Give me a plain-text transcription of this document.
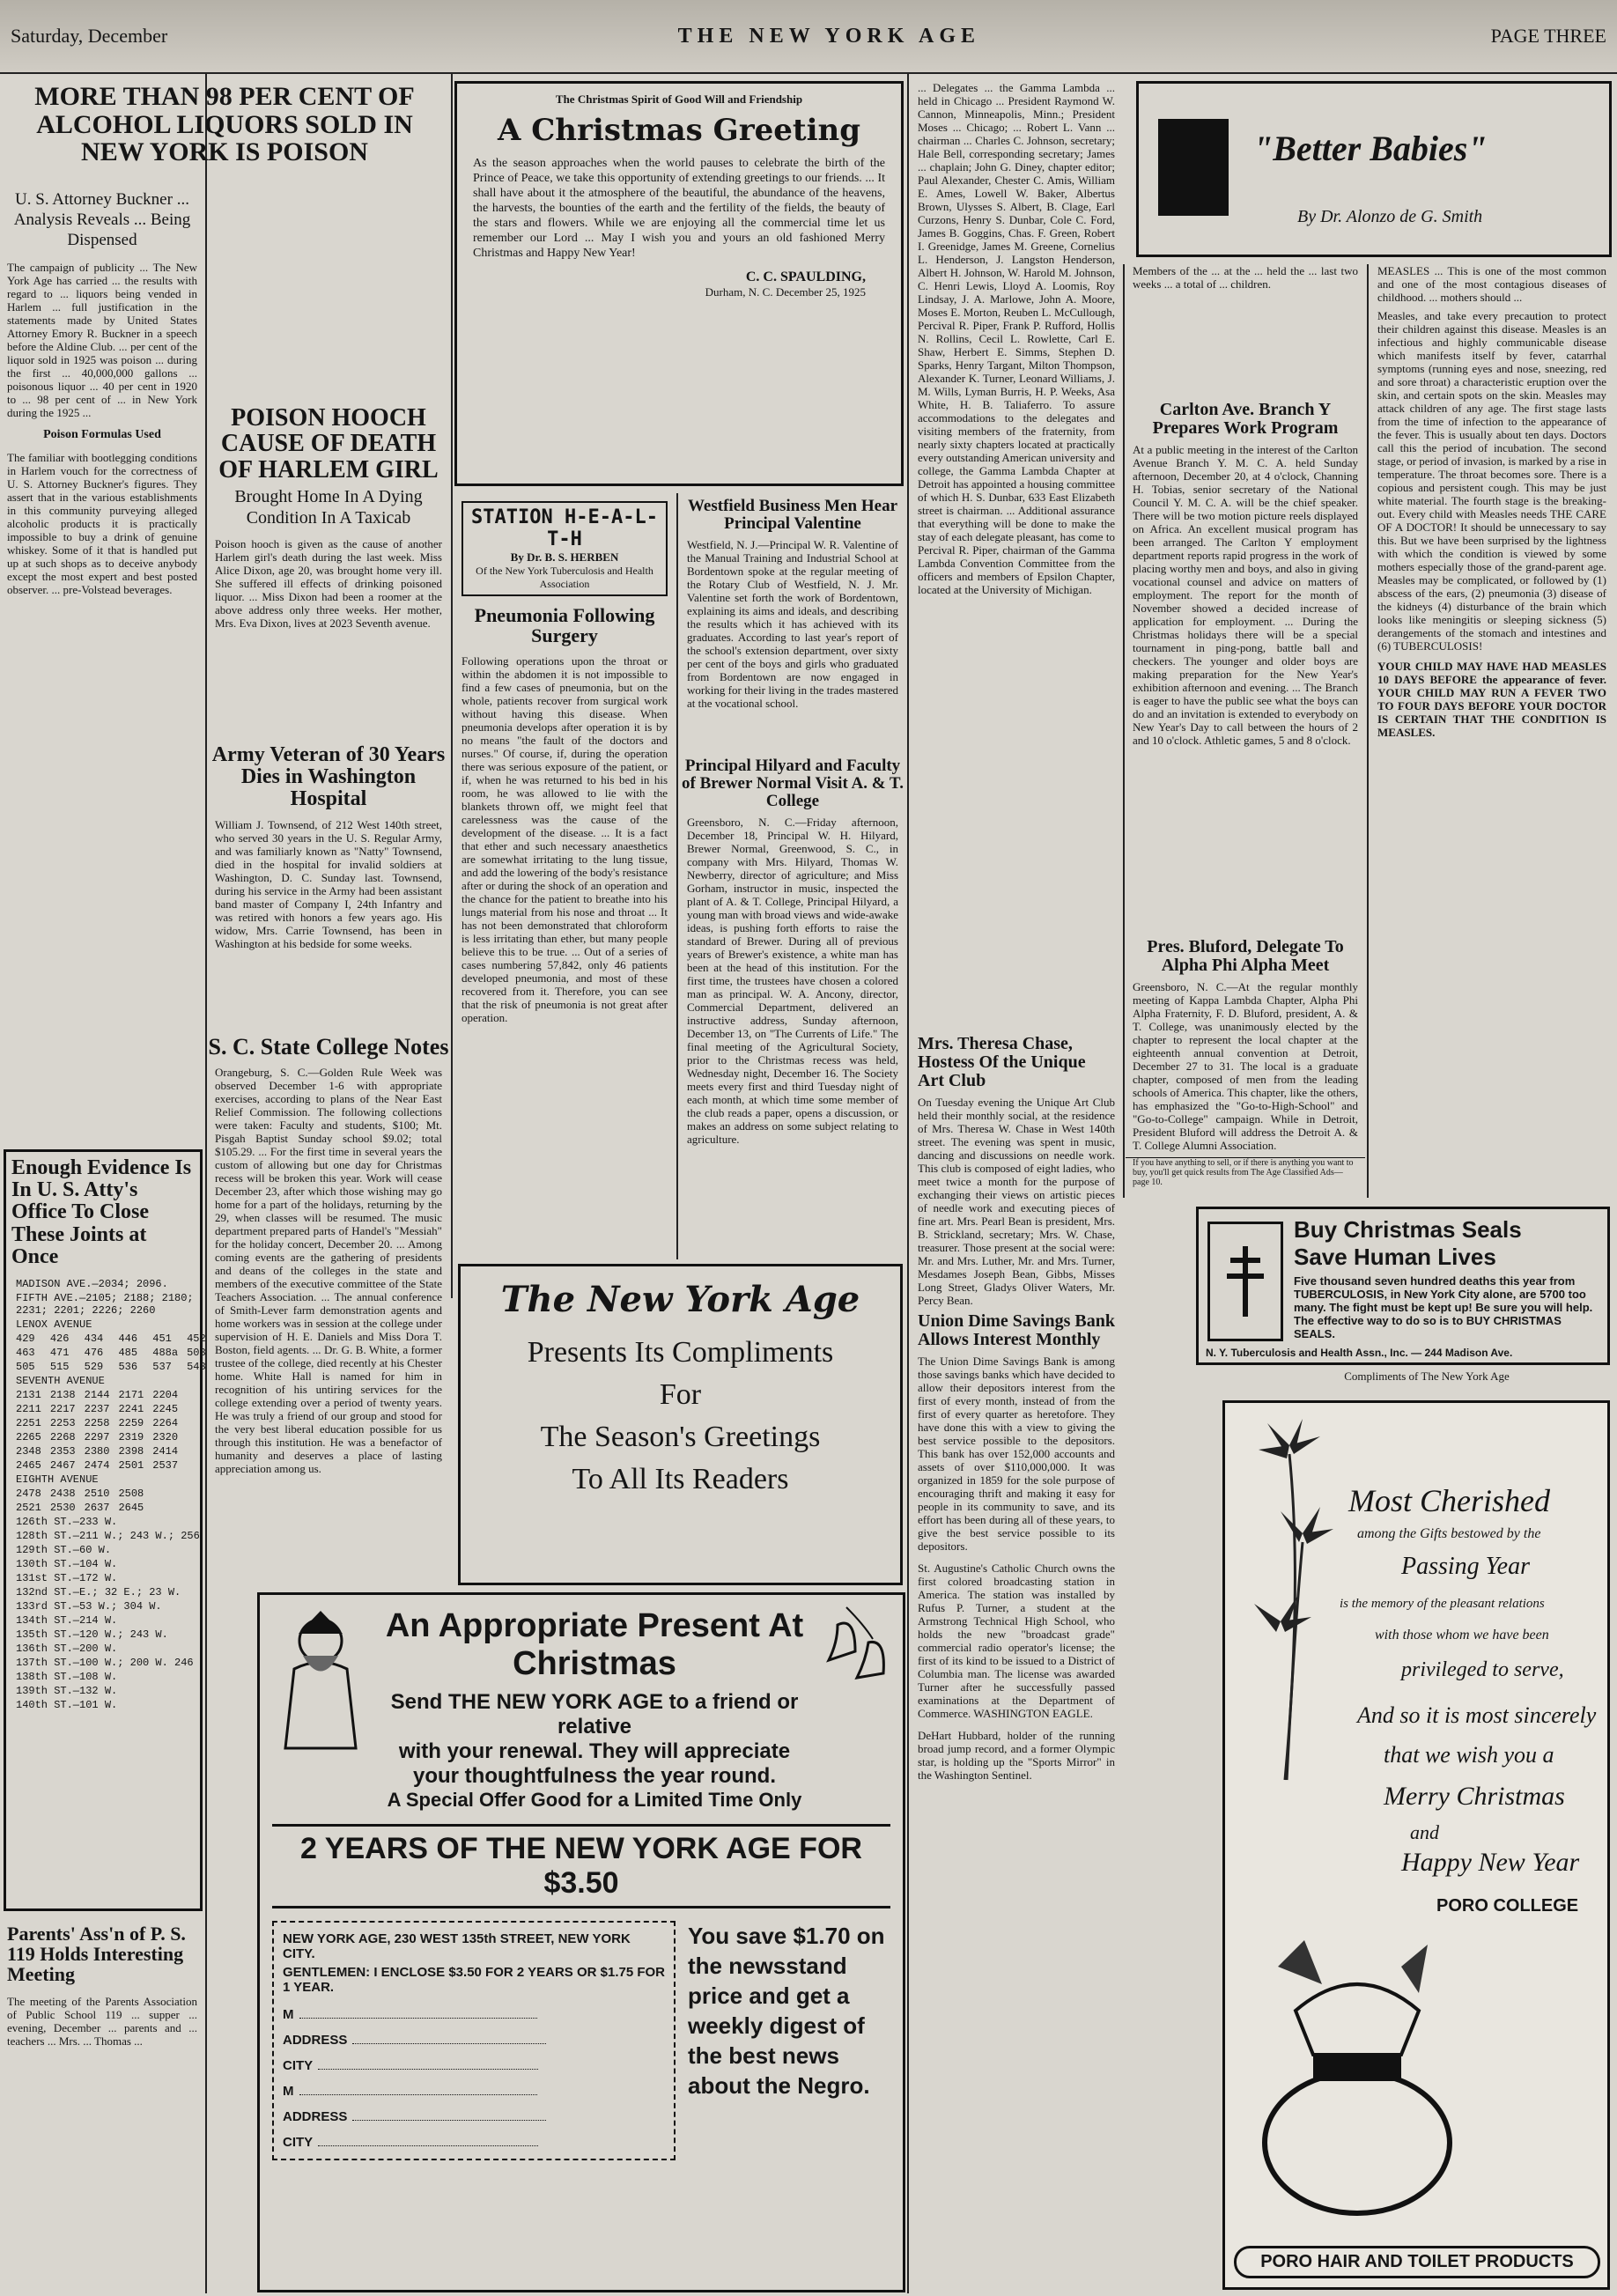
Saturday, December	THE NEW YORK AGE	PAGE THREE
MORE THAN 98 PER CENT OF ALCOHOL LIQUORS SOLD IN NEW YORK IS POISON
U. S. Attorney Buckner ... Analysis Reveals ... Being Dispensed
The campaign of publicity ... The New York Age has carried ... the results with regard to ... liquors being vended in Harlem ... full justification in the statements made by United States Attorney Emory R. Buckner in a speech before the Aldine Club. ... per cent of the liquor sold in 1925 was poison ... during the first ... 40,000,000 gallons ... poisonous liquor ... 40 per cent in 1920 to ... 98 per cent of ... in New York during the 1925 ...
Poison Formulas Used
The familiar with bootlegging conditions in Harlem vouch for the correctness of U. S. Attorney Buckner's figures. They assert that in the various establishments in this community purveying alleged alcoholic products it is practically impossible to buy a drink of genuine whiskey. Some of it that is handled put up at such shops as to deceive anybody except the most expert and best posted observer. ... pre-Volstead beverages.
Enough Evidence Is In U. S. Atty's Office To Close These Joints at Once
MADISON AVE.—2034; 2096.					
FIFTH AVE.—2105; 2188; 2180; 2231; 2201; 2226; 2260					
LENOX AVENUE					
429	426	434	446	451	452
463	471	476	485	488a	503
505	515	529	536	537	543
SEVENTH AVENUE					
2131	2138	2144	2171	2204	
2211	2217	2237	2241	2245	
2251	2253	2258	2259	2264	
2265	2268	2297	2319	2320	
2348	2353	2380	2398	2414	
2465	2467	2474	2501	2537	
EIGHTH AVENUE					
2478	2438	2510	2508		
2521	2530	2637	2645		
126th ST.—233 W.					
128th ST.—211 W.; 243 W.; 256					
129th ST.—60 W.					
130th ST.—104 W.					
131st ST.—172 W.					
132nd ST.—E.; 32 E.; 23 W.					
133rd ST.—53 W.; 304 W.					
134th ST.—214 W.					
135th ST.—120 W.; 243 W.					
136th ST.—200 W.					
137th ST.—100 W.; 200 W. 246					
138th ST.—108 W.					
139th ST.—132 W.					
140th ST.—101 W.					
Parents' Ass'n of P. S. 119 Holds Interesting Meeting
The meeting of the Parents Association of Public School 119 ... supper ... evening, December ... parents and ... teachers ... Mrs. ... Thomas ...
POISON HOOCH CAUSE OF DEATH OF HARLEM GIRL
Brought Home In A Dying Condition In A Taxicab
Poison hooch is given as the cause of another Harlem girl's death during the last week. Miss Alice Dixon, age 20, was brought home very ill. She suffered ill effects of drinking poisoned liquor. ... Miss Dixon had been a roomer at the above address only three weeks. Her mother, Mrs. Eva Dixon, lives at 2023 Seventh avenue.
Army Veteran of 30 Years Dies in Washington Hospital
William J. Townsend, of 212 West 140th street, who served 30 years in the U. S. Regular Army, and was familiarly known as "Natty" Townsend, died in the hospital for invalid soldiers at Washington, D. C. Sunday last. Townsend, during his service in the Army had been assistant band master of Company I, 24th Infantry and was retired with honors a few years ago. His widow, Mrs. Carrie Townsend, has been in Washington at his bedside for some weeks.
S. C. State College Notes
Orangeburg, S. C.—Golden Rule Week was observed December 1-6 with appropriate exercises, according to plans of the Near East Relief Commission. The following collections were taken: Faculty and students, $100; Mt. Pisgah Baptist Sunday school $9.02; total $105.29. ... For the first time in several years the custom of allowing but one day for Christmas recess will be broken this year. Work will cease December 23, after which those wishing may go home for a part of the holidays, returning by the 29, when classes will be resumed. The music department prepared parts of Handel's "Messiah" for the holiday concert, December 20. ... Among coming events are the gathering of presidents and deans of the colleges in the state and members of the executive committee of the State Teachers Association. ... The annual conference of Smith-Lever farm demonstration agents and home workers was in session at the college under supervision of H. E. Daniels and Miss Dora T. Boston, field agents. ... Dr. G. B. White, a former trustee of the college, died recently at his Chester home. White Hall is named for him in recognition of his untiring services for the college extending over a period of twenty years. He was truly a friend of our group and stood for the very best liberal education possible for us through this institution. He was a benefactor of humanity and deserves a place of lasting appreciation among us.
The Christmas Spirit of Good Will and Friendship
A Christmas Greeting
As the season approaches when the world pauses to celebrate the birth of the Prince of Peace, we take this opportunity of extending greetings to our friends. ... It shall have about it the atmosphere of the beautiful, the abundance of the heavens, the harvests, the bounties of the earth and the fertility of the fields, the beauty of the stars and flowers. While we are enjoying all the commercial time let us remember our Lord ... May I wish you and yours an old fashioned Merry Christmas and Happy New Year!
C. C. SPAULDING,
Durham, N. C. December 25, 1925
STATION H-E-A-L-T-H
By Dr. B. S. HERBEN
Of the New York Tuberculosis and Health Association
Pneumonia Following Surgery
Following operations upon the throat or within the abdomen it is not impossible to find a few cases of pneumonia, but on the whole, patients recover from surgical work without having this disease. When pneumonia develops after operation it is by no means "the fault of the doctors and nurses." Of course, if, during the operation there was serious exposure of the patient, or if, when he was returned to his bed in his room, he was allowed to lie with the blankets thrown off, we might feel that carelessness was the cause of the development of the disease. ... It is a fact that ether and such necessary anaesthetics are somewhat irritating to the lung tissue, and add the lowering of the body's resistance after or during the shock of an operation and the chance for the patient to breathe into his lungs material from his nose and throat ... It has not been demonstrated that chloroform is less irritating than ether, but many people believe this to be true. ... Out of a series of cases numbering 57,842, only 46 patients developed pneumonia, and most of these recovered from it. Therefore, you can see that the risk of pneumonia is not great after operation.
Westfield Business Men Hear Principal Valentine
Westfield, N. J.—Principal W. R. Valentine of the Manual Training and Industrial School at Bordentown spoke at the regular meeting of the Rotary Club of Westfield, N. J. Mr. Valentine set forth the work of Bordentown, explaining its aims and ideals, and describing the results which it has achieved with its graduates. According to last year's report of the school's extension department, over sixty per cent of the boys and girls who graduated from Bordentown are now engaged in working for their living in the trades mastered at the vocational school.
Principal Hilyard and Faculty of Brewer Normal Visit A. & T. College
Greensboro, N. C.—Friday afternoon, December 18, Principal W. H. Hilyard, Brewer Normal, Greenwood, S. C., in company with Mrs. Hilyard, Thomas W. Newberry, director of agriculture; and Miss Gorham, instructor in music, inspected the plant of A. & T. College, Principal Hilyard, a young man with broad views and wide-awake ideas, is pushing forth efforts to raise the standard of Brewer. During all of previous years of Brewer's existence, a white man has been at the head of this institution. For the first time, the trustees have chosen a colored man as principal. W. A. Ancony, director, Commercial Department, delivered an instructive address, Sunday afternoon, December 13, on "The Currents of Life." The final meeting of the Agricultural Society, prior to the Christmas recess was held, Wednesday night, December 16. The Society meets every first and third Tuesday night of each month, at which time some member of the club reads a paper, opens a discussion, or makes an address on some subject relating to agriculture.
The New York Age
Presents Its Compliments
For
The Season's Greetings
To All Its Readers
An Appropriate Present At Christmas
Send THE NEW YORK AGE to a friend or relative
with your renewal. They will appreciate
your thoughtfulness the year round.
A Special Offer Good for a Limited Time Only
2 YEARS OF THE NEW YORK AGE FOR $3.50
NEW YORK AGE, 230 WEST 135th STREET, NEW YORK CITY.
GENTLEMEN: I ENCLOSE $3.50 FOR 2 YEARS OR $1.75 FOR 1 YEAR.
M
ADDRESS
CITY
M
ADDRESS
CITY
You save $1.70 on the newsstand price and get a weekly digest of the best news about the Negro.
... Delegates ... the Gamma Lambda ... held in Chicago ... President Raymond W. Cannon, Minneapolis, Minn.; President Moses ... Chicago; ... Robert L. Vann ... chairman ... Charles C. Johnson, secretary; Hale Bell, corresponding secretary; James ... chaplain; John G. Diney, chapter editor; Paul Alexander, Chester C. Amis, William E. Ames, Lowell W. Baker, Albertus Brown, Ulysses S. Albert, B. Clage, Earl Curzons, Henry S. Dunbar, Cole C. Ford, James B. Goggins, Chas. F. Green, Robert I. Greenidge, James M. Greene, Cornelius L. Henderson, J. Langston Henderson, Albert H. Johnson, W. Harold M. Johnson, C. Henri Lewis, Lloyd A. Loomis, Roy Lindsay, J. A. Marlowe, John A. Moore, Moses E. Morton, Reuben L. McCullough, Percival R. Piper, Frank P. Rufford, Hollis N. Rollins, Cecil L. Rowlette, Carl E. Shaw, Herbert E. Simms, Stephen D. Sparks, Henry Targant, Milton Thompson, Alexander K. Turner, Leonard Williams, J. M. Wills, Lyman Burris, H. P. Weeks, Asa White, H. B. Taliaferro. To assure accommodations to the delegates and visiting members of the fraternity, from nearly sixty chapters located at practically every outstanding American university and college, the Gamma Lambda Chapter at Detroit has appointed a housing committee of which H. S. Dunbar, 633 East Elizabeth street is chairman. ... Additional assurance that everything will be done to make the stay of each delegate pleasant, has come to Percival R. Piper, chairman of the Gamma Lambda Convention Committee from the officers and members of Epsilon Chapter, located at the University of Michigan.
Mrs. Theresa Chase, Hostess Of the Unique Art Club
On Tuesday evening the Unique Art Club held their monthly social, at the residence of Mrs. Theresa W. Chase in West 140th street. The evening was spent in music, dancing and discussions on needle work. This club is composed of eight ladies, who meet twice a month for the purpose of exchanging their views on artistic pieces of needle work and executing pieces of fine art. Mrs. Pearl Bean is president, Mrs. B. Strickland, secretary; Mrs. W. Chase, treasurer. Those present at the social were: Mr. and Mrs. Luther, Mr. and Mrs. Turner, Mesdames Joseph Bean, Gibbs, Misses Long Street, Gladys Oliver Waters, Mr. Percy Bean.
Union Dime Savings Bank Allows Interest Monthly
The Union Dime Savings Bank is among those savings banks which have decided to allow their depositors interest from the first of every month, instead of from the first of every quarter as heretofore. They have done this with a view to giving the best service possible to the depositors. This bank has over 152,000 accounts and assets of over $110,000,000. It was organized in 1859 for the sole purpose of encouraging thrift and making it easy for people in its community to save, and its effort has been during all of these years, to give the best service possible to its depositors.
St. Augustine's Catholic Church owns the first colored broadcasting station in America. The station was installed by Rufus P. Turner, a student at the Armstrong Technical High School, who holds the new "broadcast grade" commercial radio operator's license; the first of its kind to be issued to a District of Columbia man. The license was awarded Turner after he successfully passed examinations at the Department of Commerce. WASHINGTON EAGLE.
DeHart Hubbard, holder of the running broad jump record, and a former Olympic star, is holding up the "Sports Mirror" in the Washington Sentinel.
"Better Babies"
By Dr. Alonzo de G. Smith
Members of the ... at the ... held the ... last two weeks ... a total of ... children.
Carlton Ave. Branch Y Prepares Work Program
At a public meeting in the interest of the Carlton Avenue Branch Y. M. C. A. held Sunday afternoon, December 20, at 4 o'clock, Channing H. Tobias, senior secretary of the National Council Y. M. C. A. will be the chief speaker. There will be two motion picture reels displayed on Africa. An excellent musical program has been arranged. The Carlton Y employment department reports rapid progress in the work of placing worthy men and boys, and also in giving vocational counsel and advice on matters of employment. The report for the month of November showed a decided increase of application for employment. ... During the Christmas holidays there will be a special tournament in ping-pong, battle ball and checkers. The younger and older boys are making preparation for the New Year's exhibition afternoon and evening. ... The Branch is eager to have the public see what the boys can do and an invitation is extended to everybody on New Year's Day to call between the hours of 2 and 10 o'clock. Athletic games, 5 and 8 o'clock.
Pres. Bluford, Delegate To Alpha Phi Alpha Meet
Greensboro, N. C.—At the regular monthly meeting of Kappa Lambda Chapter, Alpha Phi Alpha Fraternity, F. D. Bluford, president, A. & T. College, was unanimously elected by the chapter to represent the local chapter at the eighteenth annual convention at Detroit, December 27 to 31. The local is a graduate chapter, composed of men from the leading schools of America. This chapter, like the others, has emphasized the "Go-to-High-School" and "Go-to-College" campaign. While in Detroit, President Bluford will address the Detroit A. & T. College Alumni Association.
If you have anything to sell, or if there is anything you want to buy, you'll get quick results from The Age Classified Ads—page 10.
MEASLES ... This is one of the most common and one of the most contagious diseases of childhood. ... mothers should ...
Measles, and take every precaution to protect their children against this disease. Measles is an infectious and highly communicable disease which manifests itself by fever, catarrhal symptoms (running eyes and nose, sneezing, red and sore throat) a characteristic eruption over the skin, and certain spots on the skin. Measles may attack children of any age. The first stage lasts from the time of infection to the appearance of the fever. This is usually about ten days. Doctors call this the period of incubation. The second stage, or period of invasion, is marked by a rise in temperature. The throat becomes sore. There is a copious and persistent cough. This may be just white material. The fourth stage is the breaking-out. Every child with Measles needs THE CARE OF A DOCTOR! It should be unnecessary to say this. But we have been surprised by the lightness with which the condition is viewed by some mothers especially those of the grand-parent age. Measles may be complicated, or followed by (1) abscess of the ears, (2) pneumonia (3) disease of the kidneys (4) disturbance of the brain which looks like meningitis or sleeping sickness (5) derangements of the stomach and intestines and (6) TUBERCULOSIS!
YOUR CHILD MAY HAVE HAD MEASLES 10 DAYS BEFORE the appearance of fever. YOUR CHILD MAY RUN A FEVER TWO TO FOUR DAYS BEFORE YOUR DOCTOR IS CERTAIN THAT THE CONDITION IS MEASLES.
Buy Christmas Seals
Save Human Lives
Five thousand seven hundred deaths this year from TUBERCULOSIS, in New York City alone, are 5700 too many. The fight must be kept up! Be sure you will help. The effective way to do so is to BUY CHRISTMAS SEALS.
N. Y. Tuberculosis and Health Assn., Inc. — 244 Madison Ave.
Compliments of The New York Age
Most Cherished
among the Gifts bestowed by the
Passing Year
is the memory of the pleasant relations
with those whom we have been
privileged to serve,
And so it is most sincerely
that we wish you a
Merry Christmas
and
Happy New Year
PORO COLLEGE
PORO HAIR AND TOILET PRODUCTS
